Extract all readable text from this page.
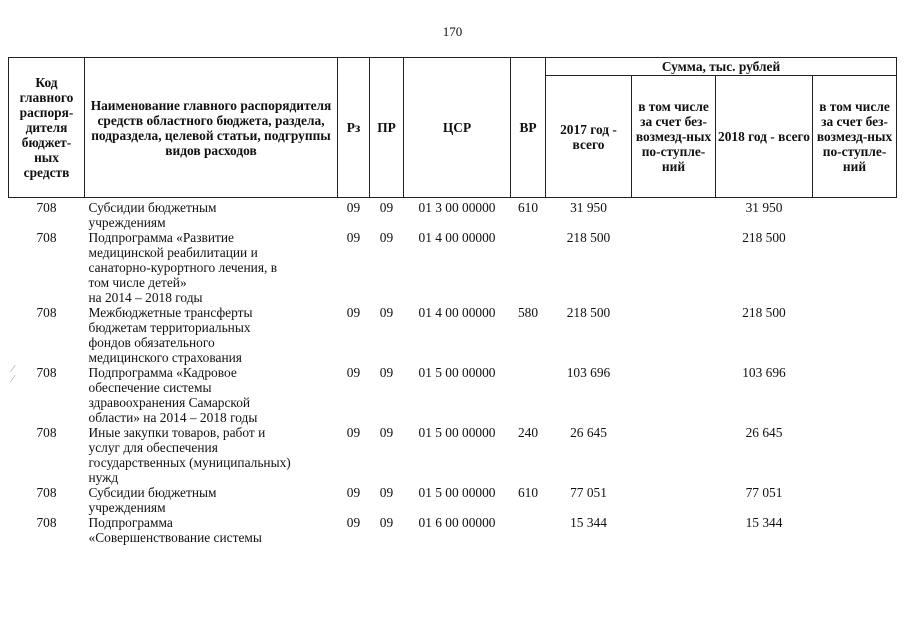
170
⁄
⁄
Код главного распоря-дителя бюджет-ных средств	Наименование главного распорядителя средств областного бюджета, раздела, подраздела, целевой статьи, подгруппы видов расходов	Рз	ПР	ЦСР	ВР	Сумма, тыс. рублей			
						2017 год - всего	в том числе за счет без-возмезд-ных по-ступле-ний	2018 год - всего	в том числе за счет без-возмезд-ных по-ступле-ний
708	Субсидии бюджетным
учреждениям	09	09	01 3 00 00000	610	31 950		31 950	
708	Подпрограмма «Развитие
медицинской реабилитации и
санаторно-курортного лечения, в
том числе детей»
на 2014 – 2018 годы	09	09	01 4 00 00000		218 500		218 500	
708	Межбюджетные трансферты
бюджетам территориальных
фондов обязательного
медицинского страхования	09	09	01 4 00 00000	580	218 500		218 500	
708	Подпрограмма «Кадровое
обеспечение системы
здравоохранения Самарской
области» на 2014 – 2018 годы	09	09	01 5 00 00000		103 696		103 696	
708	Иные закупки товаров, работ и
услуг для обеспечения
государственных (муниципальных)
нужд	09	09	01 5 00 00000	240	26 645		26 645	
708	Субсидии бюджетным
учреждениям	09	09	01 5 00 00000	610	77 051		77 051	
708	Подпрограмма
«Совершенствование системы	09	09	01 6 00 00000		15 344		15 344	
